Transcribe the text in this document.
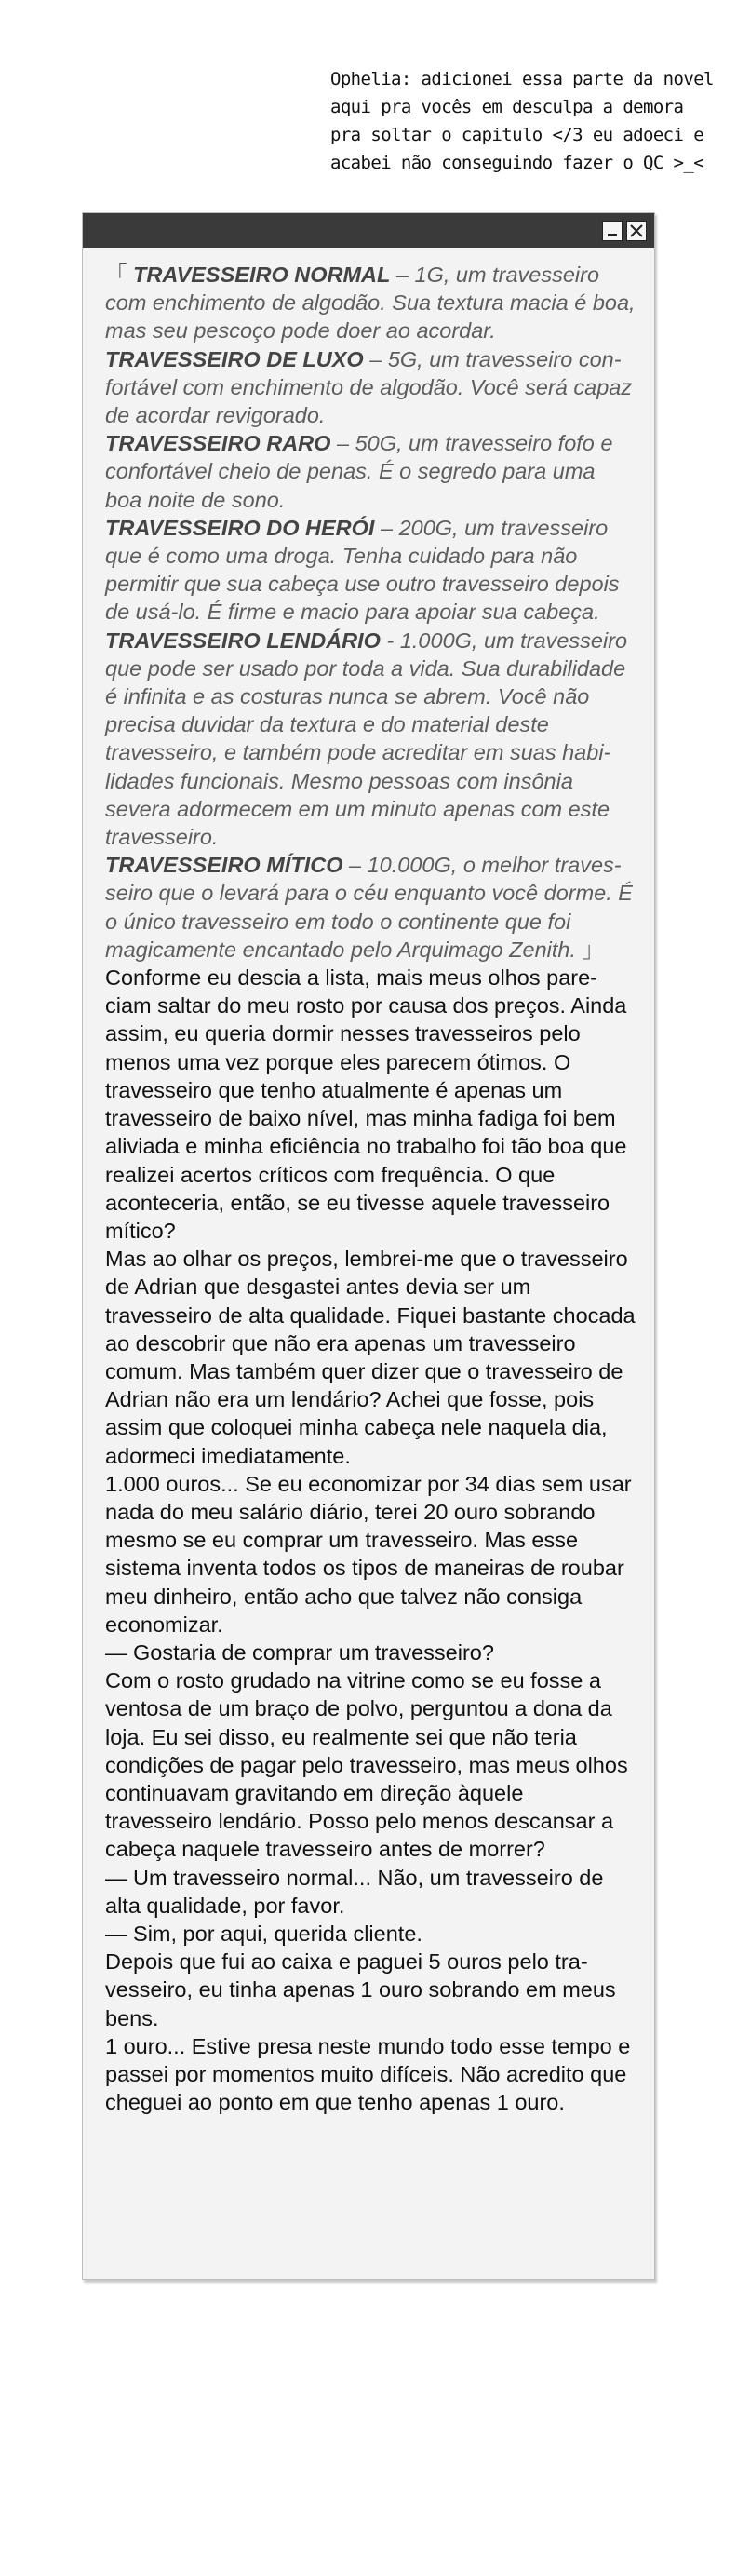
Ophelia: adicionei essa parte da novel

aqui pra vocês em desculpa a demora

pra soltar o capitulo </3 eu adoeci e

acabei não conseguindo fazer o QC >_<

「 TRAVESSEIRO NORMAL – 1G, um travesseiro com enchimento de algodão. Sua textura macia é boa, mas seu pescoço pode doer ao acordar.

TRAVESSEIRO DE LUXO – 5G, um travesseiro confortável com enchimento de algodão. Você será capaz de acordar revigorado.

TRAVESSEIRO RARO – 50G, um travesseiro fofo e confortável cheio de penas. É o segredo para uma boa noite de sono.

TRAVESSEIRO DO HERÓI – 200G, um travesseiro que é como uma droga. Tenha cuidado para não permitir que sua cabeça use outro travesseiro depois de usá-lo. É firme e macio para apoiar sua cabeça.

TRAVESSEIRO LENDÁRIO - 1.000G, um travesseiro que pode ser usado por toda a vida. Sua durabilidade é infinita e as costuras nunca se abrem. Você não precisa duvidar da textura e do material deste travesseiro, e também pode acreditar em suas habilidades funcionais. Mesmo pessoas com insônia severa adormecem em um minuto apenas com este travesseiro.

TRAVESSEIRO MÍTICO – 10.000G, o melhor travesseiro que o levará para o céu enquanto você dorme. É o único travesseiro em todo o continente que foi magicamente encantado pelo Arquimago Zenith. 」

Conforme eu descia a lista, mais meus olhos pareciam saltar do meu rosto por causa dos preços. Ainda assim, eu queria dormir nesses travesseiros pelo menos uma vez porque eles parecem ótimos. O travesseiro que tenho atualmente é apenas um travesseiro de baixo nível, mas minha fadiga foi bem aliviada e minha eficiência no trabalho foi tão boa que realizei acertos críticos com frequência. O que aconteceria, então, se eu tivesse aquele travesseiro mítico?

Mas ao olhar os preços, lembrei-me que o travesseiro de Adrian que desgastei antes devia ser um travesseiro de alta qualidade. Fiquei bastante chocada ao descobrir que não era apenas um travesseiro comum. Mas também quer dizer que o travesseiro de Adrian não era um lendário? Achei que fosse, pois assim que coloquei minha cabeça nele naquela dia, adormeci imediatamente.

1.000 ouros... Se eu economizar por 34 dias sem usar nada do meu salário diário, terei 20 ouro sobrando mesmo se eu comprar um travesseiro. Mas esse sistema inventa todos os tipos de maneiras de roubar meu dinheiro, então acho que talvez não consiga economizar.

— Gostaria de comprar um travesseiro?

Com o rosto grudado na vitrine como se eu fosse a ventosa de um braço de polvo, perguntou a dona da loja. Eu sei disso, eu realmente sei que não teria condições de pagar pelo travesseiro, mas meus olhos continuavam gravitando em direção àquele travesseiro lendário. Posso pelo menos descansar a cabeça naquele travesseiro antes de morrer?

— Um travesseiro normal... Não, um travesseiro de alta qualidade, por favor.

— Sim, por aqui, querida cliente.

Depois que fui ao caixa e paguei 5 ouros pelo travesseiro, eu tinha apenas 1 ouro sobrando em meus bens.

1 ouro... Estive presa neste mundo todo esse tempo e passei por momentos muito difíceis. Não acredito que cheguei ao ponto em que tenho apenas 1 ouro.
